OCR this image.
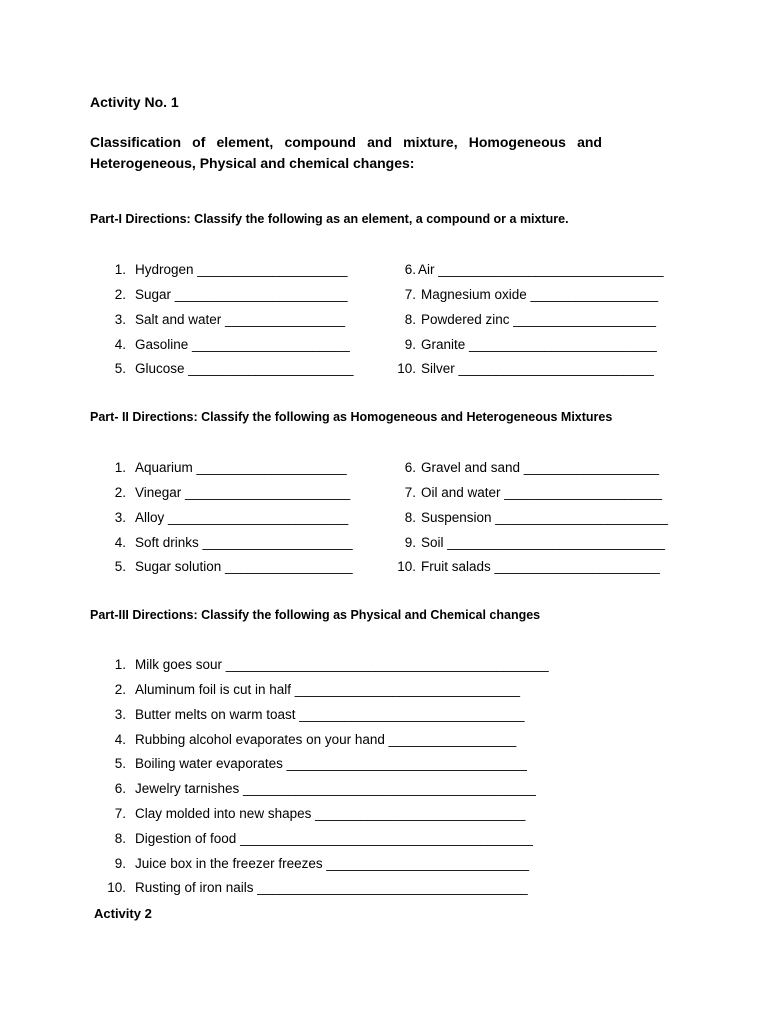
Activity No. 1
Classification of element, compound and mixture, Homogeneous and Heterogeneous, Physical and chemical changes:
Part-I Directions: Classify the following as an element, a compound or a mixture.
1. Hydrogen ____________________
2. Sugar _______________________
3. Salt and water ________________
4. Gasoline _____________________
5. Glucose ______________________
6. Air ______________________________
7. Magnesium oxide _________________
8. Powdered zinc ___________________
9. Granite _________________________
10. Silver __________________________
Part- II Directions: Classify the following as Homogeneous and Heterogeneous Mixtures
1. Aquarium ____________________
2. Vinegar ______________________
3. Alloy ________________________
4. Soft drinks ____________________
5. Sugar solution _________________
6. Gravel and sand __________________
7. Oil and water _____________________
8. Suspension _______________________
9. Soil _____________________________
10. Fruit salads ______________________
Part-III Directions: Classify the following as Physical and Chemical changes
1. Milk goes sour ___________________________________________
2. Aluminum foil is cut in half ______________________________
3. Butter melts on warm toast ______________________________
4. Rubbing alcohol evaporates on your hand _________________
5. Boiling water evaporates ________________________________
6. Jewelry tarnishes _______________________________________
7. Clay molded into new shapes ____________________________
8. Digestion of food _______________________________________
9. Juice box in the freezer freezes ___________________________
10. Rusting of iron nails ____________________________________
Activity 2
